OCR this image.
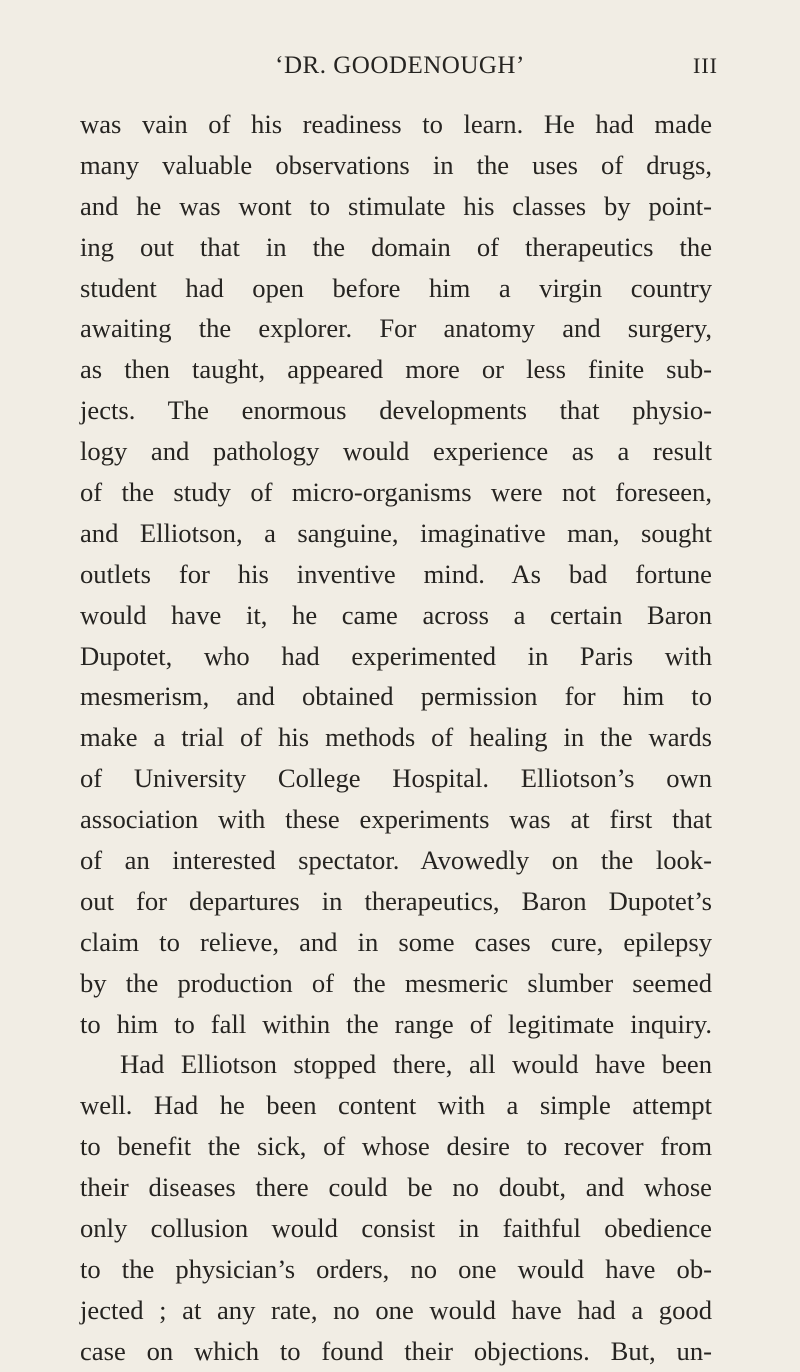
‘DR. GOODENOUGH’	III
was vain of his readiness to learn. He had made
many valuable observations in the uses of drugs,
and he was wont to stimulate his classes by point-
ing out that in the domain of therapeutics the
student had open before him a virgin country
awaiting the explorer. For anatomy and surgery,
as then taught, appeared more or less finite sub-
jects. The enormous developments that physio-
logy and pathology would experience as a result
of the study of micro-organisms were not foreseen,
and Elliotson, a sanguine, imaginative man, sought
outlets for his inventive mind. As bad fortune
would have it, he came across a certain Baron
Dupotet, who had experimented in Paris with
mesmerism, and obtained permission for him to
make a trial of his methods of healing in the wards
of University College Hospital. Elliotson’s own
association with these experiments was at first that
of an interested spectator. Avowedly on the look-
out for departures in therapeutics, Baron Dupotet’s
claim to relieve, and in some cases cure, epilepsy
by the production of the mesmeric slumber seemed
to him to fall within the range of legitimate inquiry.
Had Elliotson stopped there, all would have been
well. Had he been content with a simple attempt
to benefit the sick, of whose desire to recover from
their diseases there could be no doubt, and whose
only collusion would consist in faithful obedience
to the physician’s orders, no one would have ob-
jected ; at any rate, no one would have had a good
case on which to found their objections. But, un-
